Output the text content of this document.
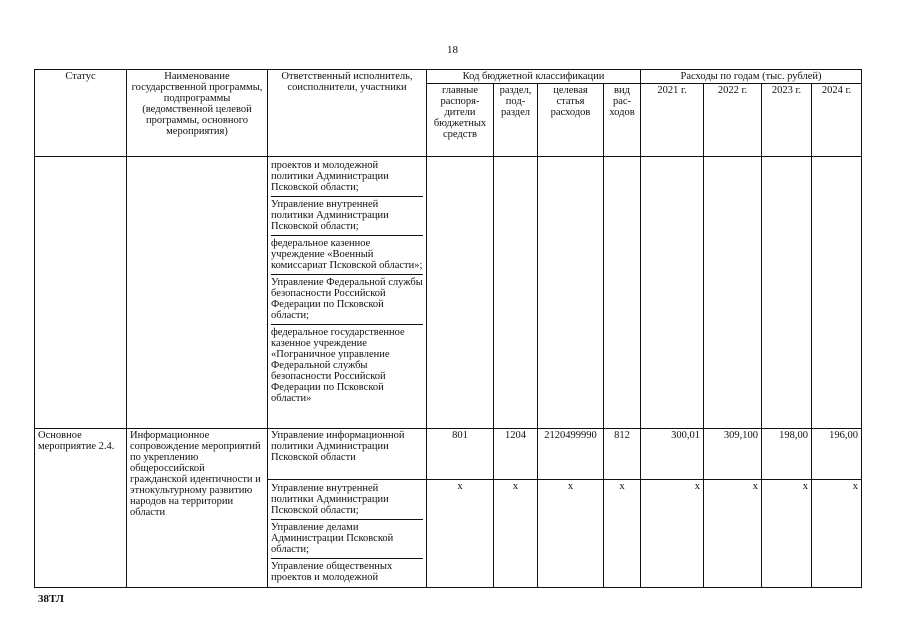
18
Статус	Наименование государственной программы, подпрограммы (ведомственной целевой программы, основного мероприятия)	Ответственный исполнитель, соисполнители, участники	Код бюджетной классификации				Расходы по годам (тыс. рублей)			
			главные распоря-дители бюджетных средств	раздел, под-раздел	целевая статья расходов	вид рас-ходов	2021 г.	2022 г.	2023 г.	2024 г.

		проектов и молодежной политики Администрации Псковской области;
Управление внутренней политики Администрации Псковской области;
федеральное казенное учреждение «Военный комиссариат Псковской области»;
Управление Федеральной службы безопасности Российской Федерации по Псковской области;
федеральное государственное казенное учреждение «Пограничное управление Федеральной службы безопасности Российской Федерации по Псковской области»								

Основное мероприятие 2.4.	Информационное сопровождение мероприятий по укреплению общероссийской гражданской идентичности и этнокультурному развитию народов на территории области	Управление информационной политики Администрации Псковской области	801	1204	2120499990	812	300,01	309,100	198,00	196,00

		Управление внутренней политики Администрации Псковской области;
Управление делами Администрации Псковской области;
Управление общественных проектов и молодежной	x	x	x	x	x	x	x	x
38ТЛ
